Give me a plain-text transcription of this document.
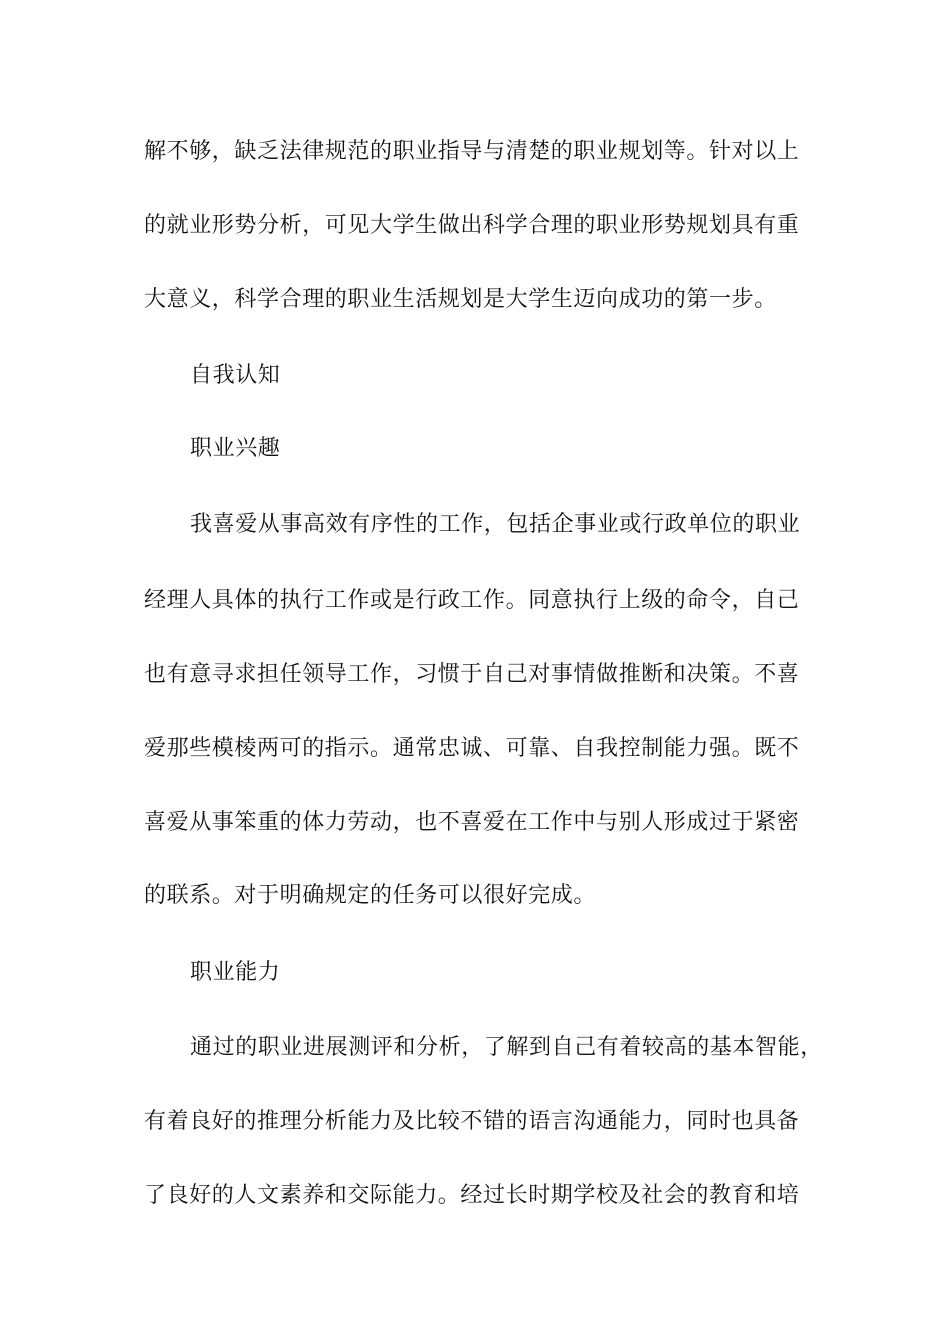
解不够，缺乏法律规范的职业指导与清楚的职业规划等。针对以上
的就业形势分析，可见大学生做出科学合理的职业形势规划具有重
大意义，科学合理的职业生活规划是大学生迈向成功的第一步。
自我认知
职业兴趣
我喜爱从事高效有序性的工作，包括企事业或行政单位的职业
经理人具体的执行工作或是行政工作。同意执行上级的命令，自己
也有意寻求担任领导工作，习惯于自己对事情做推断和决策。不喜
爱那些模棱两可的指示。通常忠诚、可靠、自我控制能力强。既不
喜爱从事笨重的体力劳动，也不喜爱在工作中与别人形成过于紧密
的联系。对于明确规定的任务可以很好完成。
职业能力
通过的职业进展测评和分析，了解到自己有着较高的基本智能，
有着良好的推理分析能力及比较不错的语言沟通能力，同时也具备
了良好的人文素养和交际能力。经过长时期学校及社会的教育和培
